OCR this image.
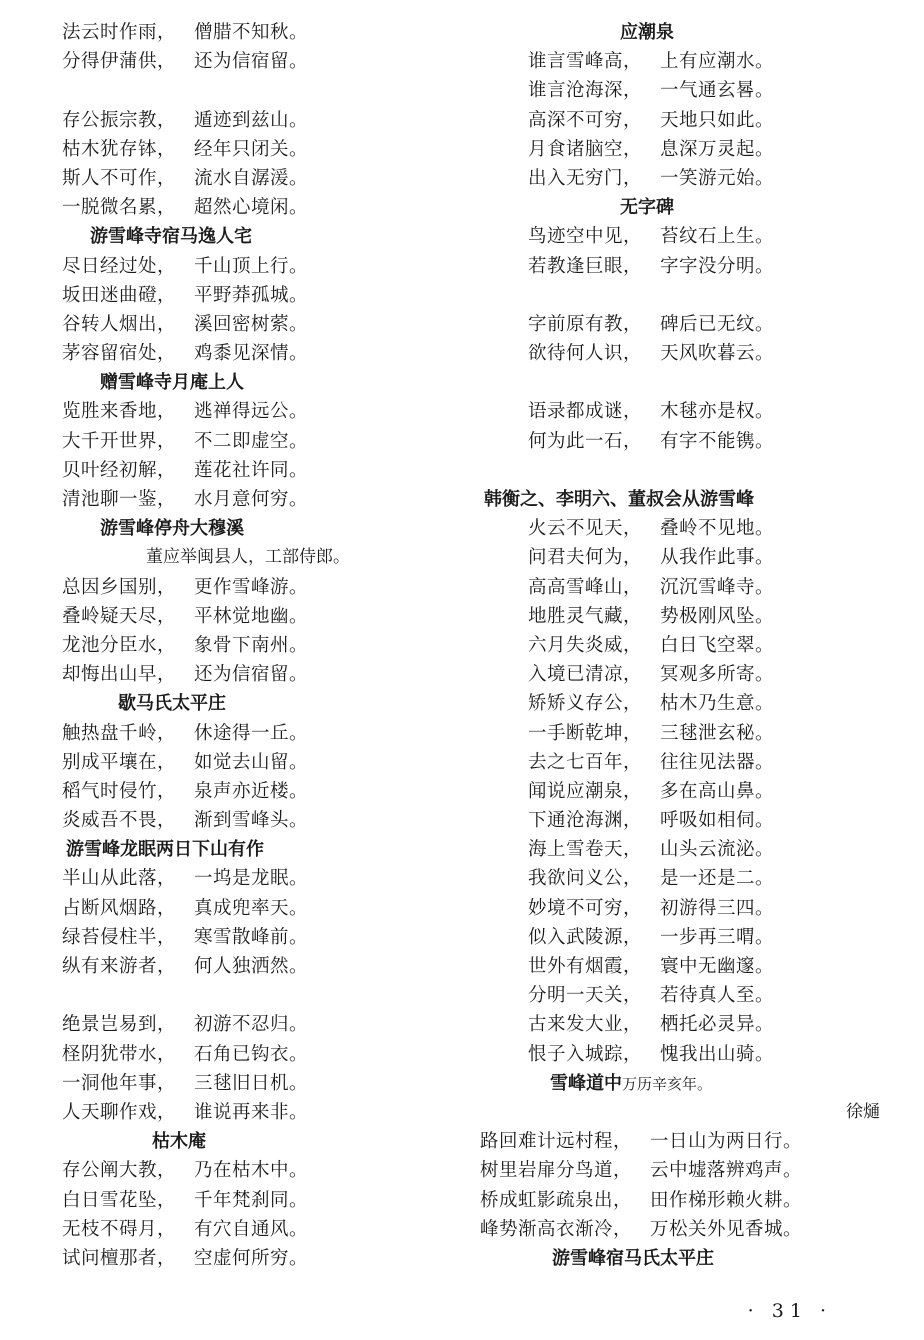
法云时作雨， 僧腊不知秋。
分得伊蒲供， 还为信宿留。
存公振宗教， 遁迹到兹山。
枯木犹存钵， 经年只闭关。
斯人不可作， 流水自潺湲。
一脱微名累， 超然心境闲。
游雪峰寺宿马逸人宅
尽日经过处， 千山顶上行。
坂田迷曲磴， 平野莽孤城。
谷转人烟出， 溪回密树萦。
茅容留宿处， 鸡黍见深情。
赠雪峰寺月庵上人
览胜来香地， 逃禅得远公。
大千开世界， 不二即虚空。
贝叶经初解， 莲花社许同。
清池聊一鉴， 水月意何穷。
游雪峰停舟大穆溪
董应举闽县人，工部侍郎。
总因乡国别， 更作雪峰游。
叠岭疑天尽， 平林觉地幽。
龙池分臣水， 象骨下南州。
却悔出山早， 还为信宿留。
歇马氏太平庄
触热盘千岭， 休途得一丘。
别成平壤在， 如觉去山留。
稻气时侵竹， 泉声亦近楼。
炎威吾不畏， 渐到雪峰头。
游雪峰龙眠两日下山有作
半山从此落， 一坞是龙眠。
占断风烟路， 真成兜率天。
绿苔侵柱半， 寒雪散峰前。
纵有来游者， 何人独洒然。
绝景岂易到， 初游不忍归。
柽阴犹带水， 石角已钩衣。
一洞他年事， 三毬旧日机。
人天聊作戏， 谁说再来非。
枯木庵
存公阐大教， 乃在枯木中。
白日雪花坠， 千年梵刹同。
无枝不碍月， 有穴自通风。
试问檀那者， 空虚何所穷。
应潮泉
谁言雪峰高， 上有应潮水。
谁言沧海深， 一气通玄晷。
高深不可穷， 天地只如此。
月食诸脑空， 息深万灵起。
出入无穷门， 一笑游元始。
无字碑
鸟迹空中见， 苔纹石上生。
若教逢巨眼， 字字没分明。
字前原有教， 碑后已无纹。
欲待何人识， 天风吹暮云。
语录都成谜， 木毬亦是权。
何为此一石， 有字不能镌。
韩衡之、李明六、董叔会从游雪峰
火云不见天， 叠岭不见地。
问君夫何为， 从我作此事。
高高雪峰山， 沉沉雪峰寺。
地胜灵气藏， 势极刚风坠。
六月失炎威， 白日飞空翠。
入境已清凉， 冥观多所寄。
矫矫义存公， 枯木乃生意。
一手断乾坤， 三毬泄玄秘。
去之七百年， 往往见法器。
闻说应潮泉， 多在高山鼻。
下通沧海渊， 呼吸如相伺。
海上雪卷天， 山头云流泌。
我欲问义公， 是一还是二。
妙境不可穷， 初游得三四。
似入武陵源， 一步再三喟。
世外有烟霞， 寰中无幽邃。
分明一天关， 若待真人至。
古来发大业， 栖托必灵异。
恨子入城踪， 愧我出山骑。
雪峰道中万历辛亥年。
徐熥
路回难计远村程， 一日山为两日行。
树里岩扉分鸟道， 云中墟落辨鸡声。
桥成虹影疏泉出， 田作梯形赖火耕。
峰势渐高衣渐冷， 万松关外见香城。
游雪峰宿马氏太平庄
· 31 ·
